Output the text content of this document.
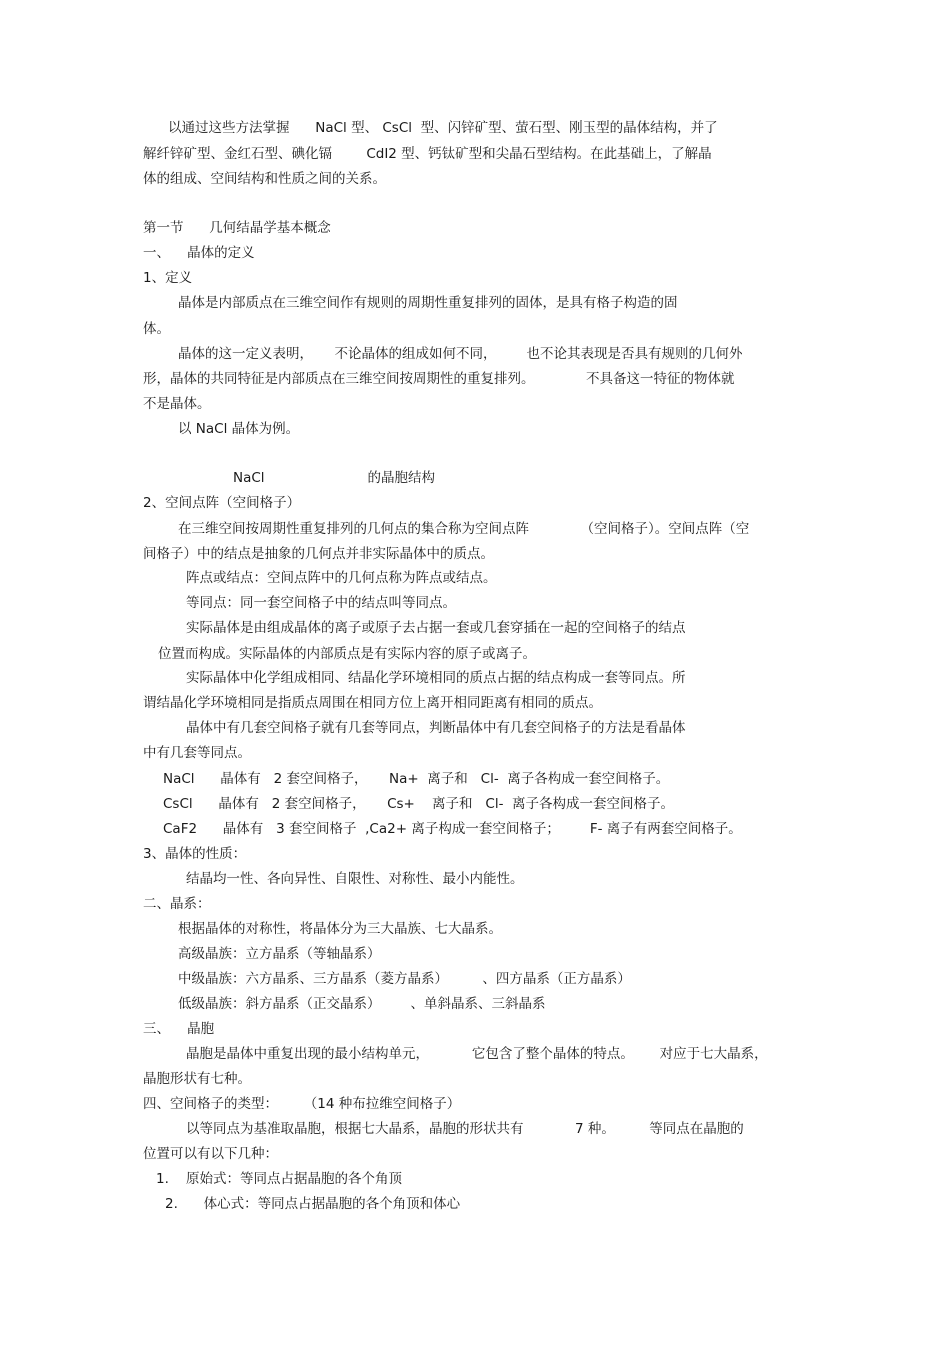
以通过这些方法掌握      NaCl 型、 CsCl  型、闪锌矿型、萤石型、刚玉型的晶体结构，并了
解纤锌矿型、金红石型、碘化镉        CdI2 型、钙钛矿型和尖晶石型结构。在此基础上，了解晶
体的组成、空间结构和性质之间的关系。
第一节      几何结晶学基本概念
一、    晶体的定义
1、定义
晶体是内部质点在三维空间作有规则的周期性重复排列的固体，是具有格子构造的固
体。
晶体的这一定义表明，     不论晶体的组成如何不同，       也不论其表现是否具有规则的几何外
形，晶体的共同特征是内部质点在三维空间按周期性的重复排列。            不具备这一特征的物体就
不是晶体。
以 NaCl 晶体为例。
NaCl                        的晶胞结构
2、空间点阵（空间格子）
在三维空间按周期性重复排列的几何点的集合称为空间点阵            （空间格子）。空间点阵（空
间格子）中的结点是抽象的几何点并非实际晶体中的质点。
阵点或结点：空间点阵中的几何点称为阵点或结点。
等同点：同一套空间格子中的结点叫等同点。
实际晶体是由组成晶体的离子或原子去占据一套或几套穿插在一起的空间格子的结点
位置而构成。实际晶体的内部质点是有实际内容的原子或离子。
实际晶体中化学组成相同、结晶化学环境相同的质点占据的结点构成一套等同点。所
谓结晶化学环境相同是指质点周围在相同方位上离开相同距离有相同的质点。
晶体中有几套空间格子就有几套等同点，判断晶体中有几套空间格子的方法是看晶体
中有几套等同点。
NaCl      晶体有   2 套空间格子，     Na+  离子和   Cl-  离子各构成一套空间格子。
CsCl      晶体有   2 套空间格子，     Cs+    离子和   Cl-  离子各构成一套空间格子。
CaF2      晶体有   3 套空间格子  ,Ca2+ 离子构成一套空间格子；       F- 离子有两套空间格子。
3、晶体的性质：
结晶均一性、各向异性、自限性、对称性、最小内能性。
二、晶系：
根据晶体的对称性，将晶体分为三大晶族、七大晶系。
高级晶族：立方晶系（等轴晶系）
中级晶族：六方晶系、三方晶系（菱方晶系）        、四方晶系（正方晶系）
低级晶族：斜方晶系（正交晶系）       、单斜晶系、三斜晶系
三、    晶胞
晶胞是晶体中重复出现的最小结构单元，          它包含了整个晶体的特点。      对应于七大晶系，
晶胞形状有七种。
四、空间格子的类型：      （14 种布拉维空间格子）
以等同点为基准取晶胞，根据七大晶系，晶胞的形状共有            7 种。        等同点在晶胞的
位置可以有以下几种：
1.    原始式：等同点占据晶胞的各个角顶
2.      体心式：等同点占据晶胞的各个角顶和体心
